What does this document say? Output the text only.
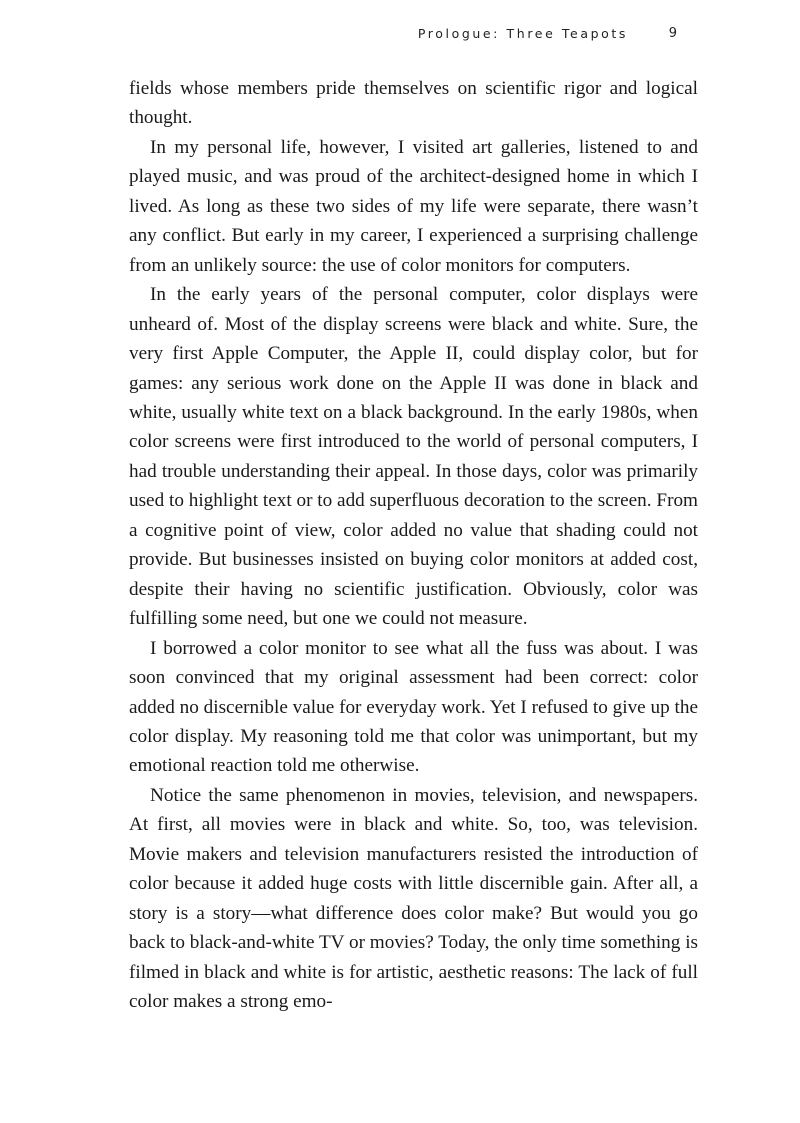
Prologue: Three Teapots	9

fields whose members pride themselves on scientific rigor and logical thought.

In my personal life, however, I visited art galleries, listened to and played music, and was proud of the architect-designed home in which I lived. As long as these two sides of my life were separate, there wasn’t any conflict. But early in my career, I experienced a surprising challenge from an unlikely source: the use of color monitors for computers.

In the early years of the personal computer, color displays were unheard of. Most of the display screens were black and white. Sure, the very first Apple Computer, the Apple II, could display color, but for games: any serious work done on the Apple II was done in black and white, usually white text on a black background. In the early 1980s, when color screens were first introduced to the world of personal computers, I had trouble understanding their appeal. In those days, color was primarily used to highlight text or to add superfluous decoration to the screen. From a cognitive point of view, color added no value that shading could not provide. But businesses insisted on buying color monitors at added cost, despite their having no scientific justification. Obviously, color was fulfilling some need, but one we could not measure.

I borrowed a color monitor to see what all the fuss was about. I was soon convinced that my original assessment had been correct: color added no discernible value for everyday work. Yet I refused to give up the color display. My reasoning told me that color was unimportant, but my emotional reaction told me otherwise.

Notice the same phenomenon in movies, television, and newspapers. At first, all movies were in black and white. So, too, was television. Movie makers and television manufacturers resisted the introduction of color because it added huge costs with little discernible gain. After all, a story is a story—what difference does color make? But would you go back to black-and-white TV or movies? Today, the only time something is filmed in black and white is for artistic, aesthetic reasons: The lack of full color makes a strong emo-
